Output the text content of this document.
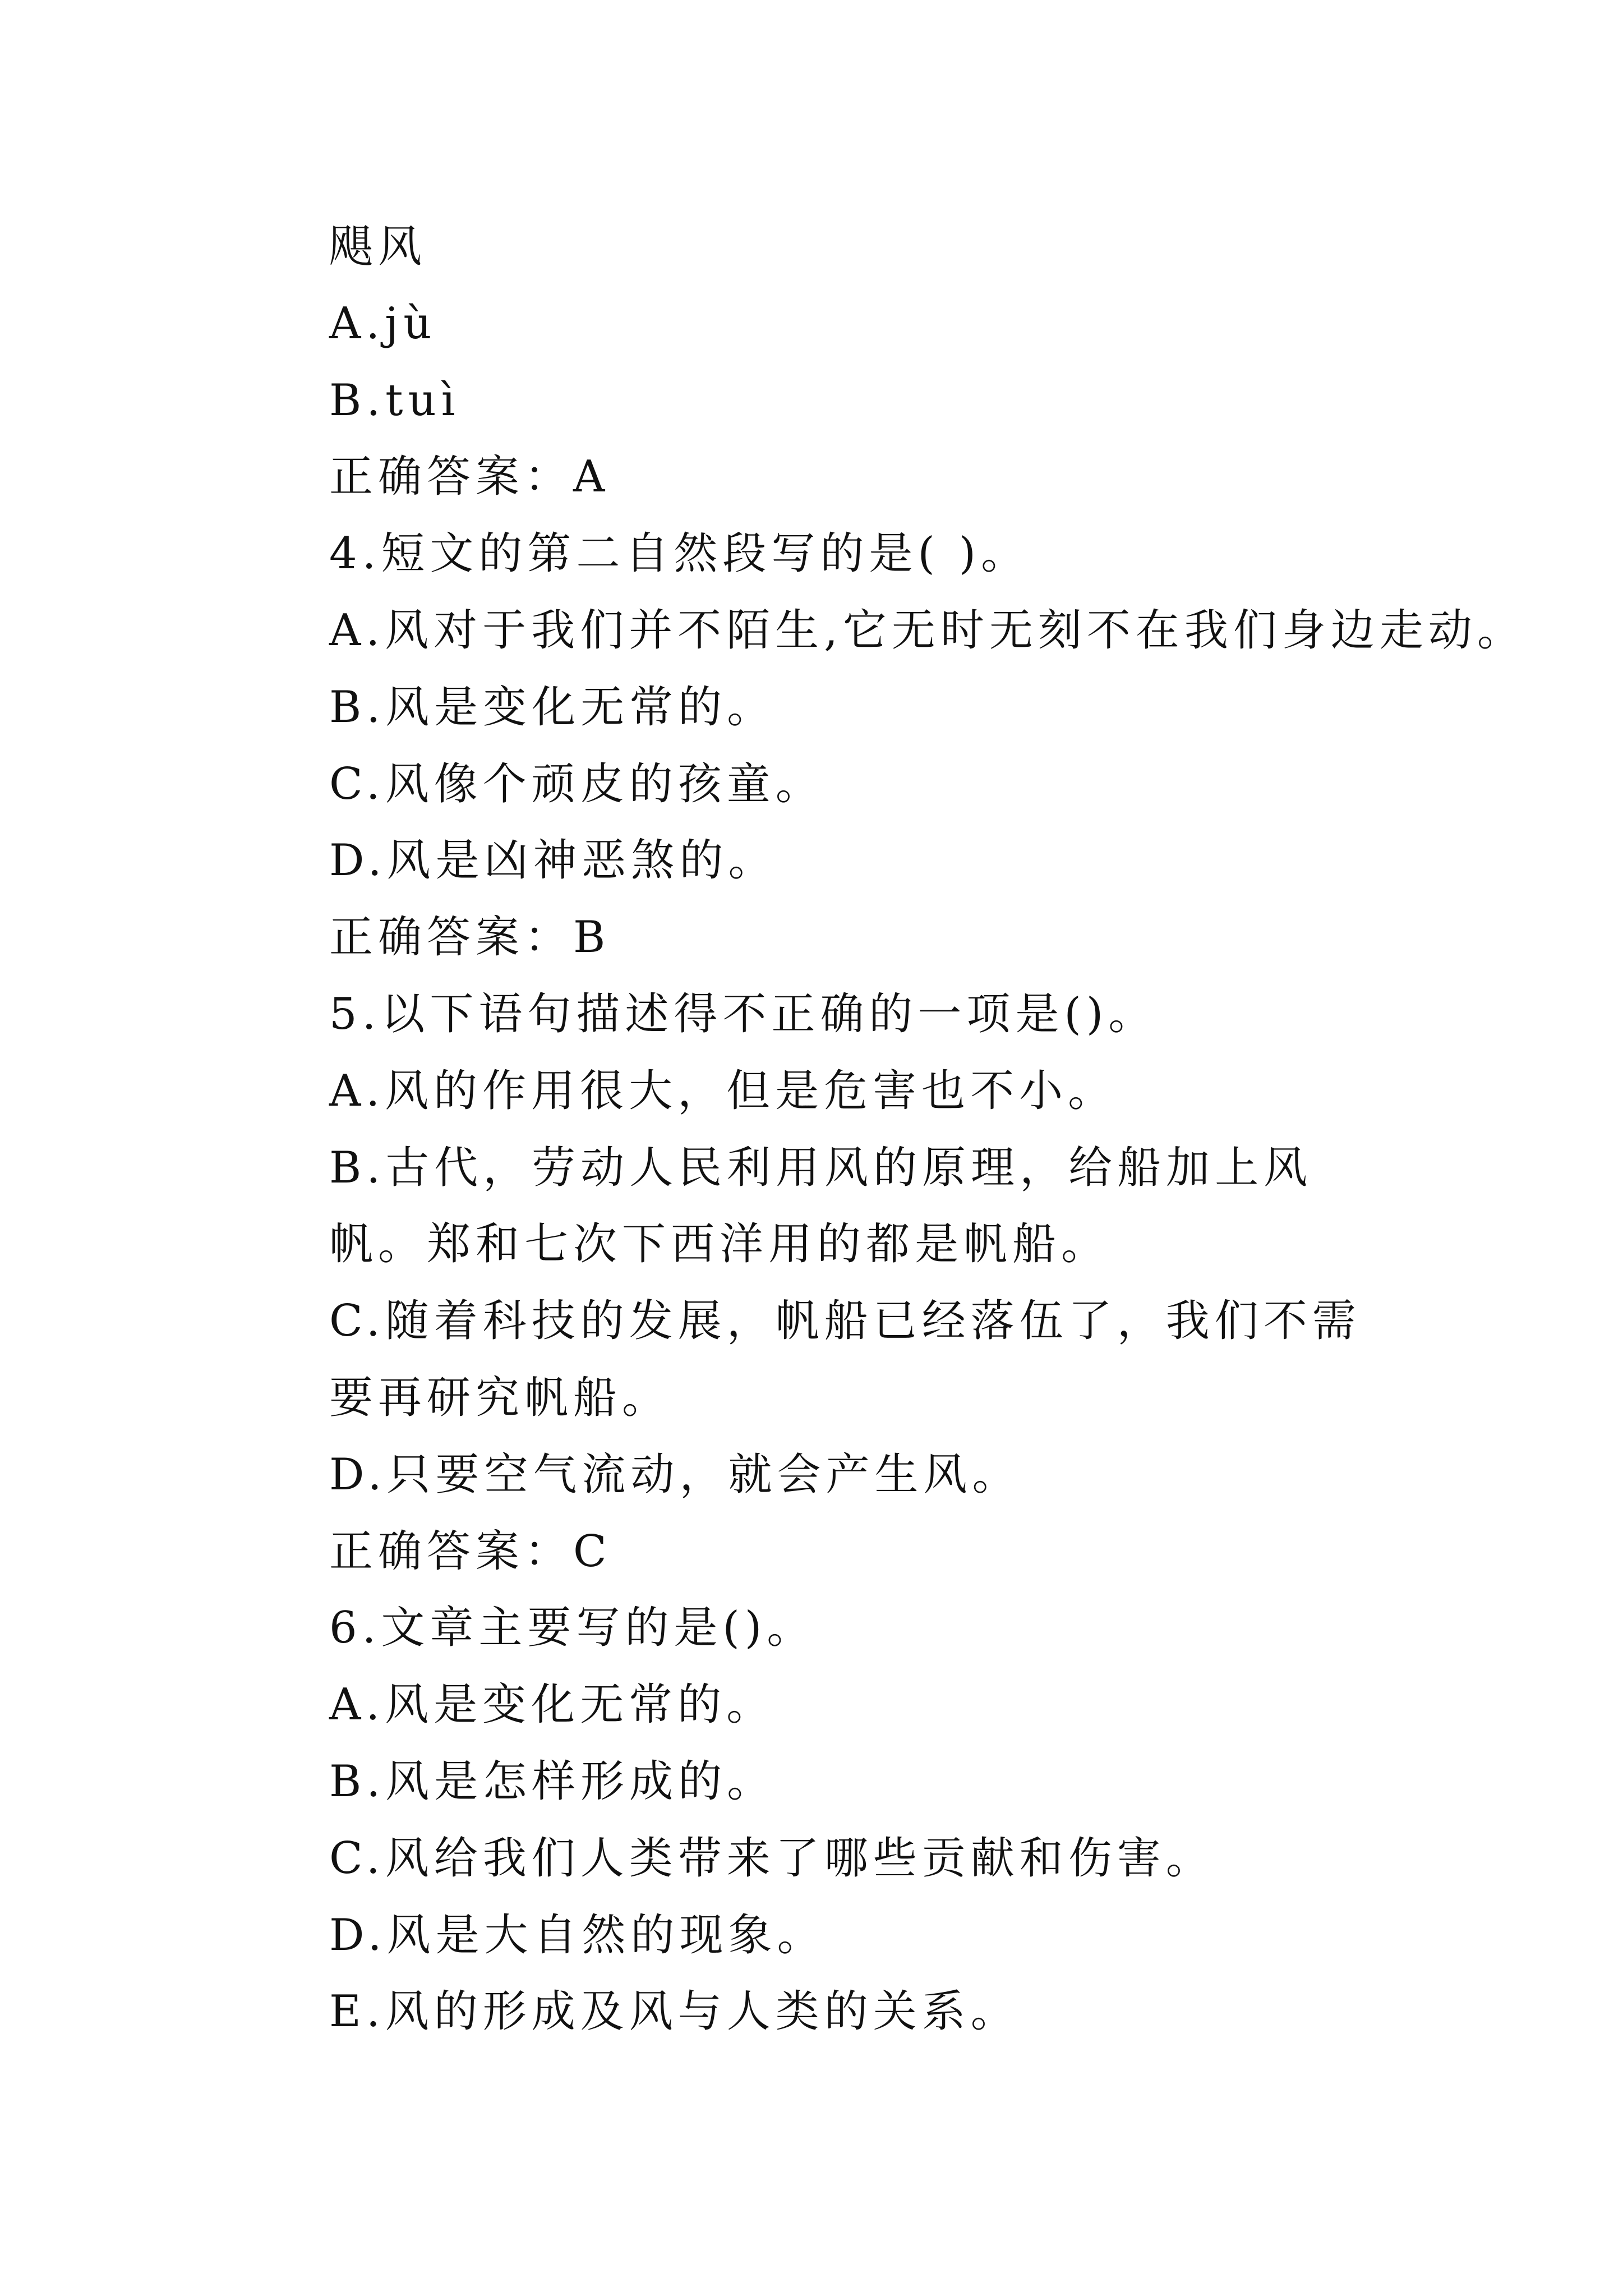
飓风
A.jù
B.tuì
正确答案：A
4.短文的第二自然段写的是( )。
A.风对于我们并不陌生,它无时无刻不在我们身边走动。
B.风是变化无常的。
C.风像个顽皮的孩童。
D.风是凶神恶煞的。
正确答案：B
5.以下语句描述得不正确的一项是()。
A.风的作用很大，但是危害也不小。
B.古代，劳动人民利用风的原理，给船加上风帆。郑和七次下西洋用的都是帆船。
C.随着科技的发展，帆船已经落伍了，我们不需要再研究帆船。
D.只要空气流动，就会产生风。
正确答案：C
6.文章主要写的是()。
A.风是变化无常的。
B.风是怎样形成的。
C.风给我们人类带来了哪些贡献和伤害。
D.风是大自然的现象。
E.风的形成及风与人类的关系。
